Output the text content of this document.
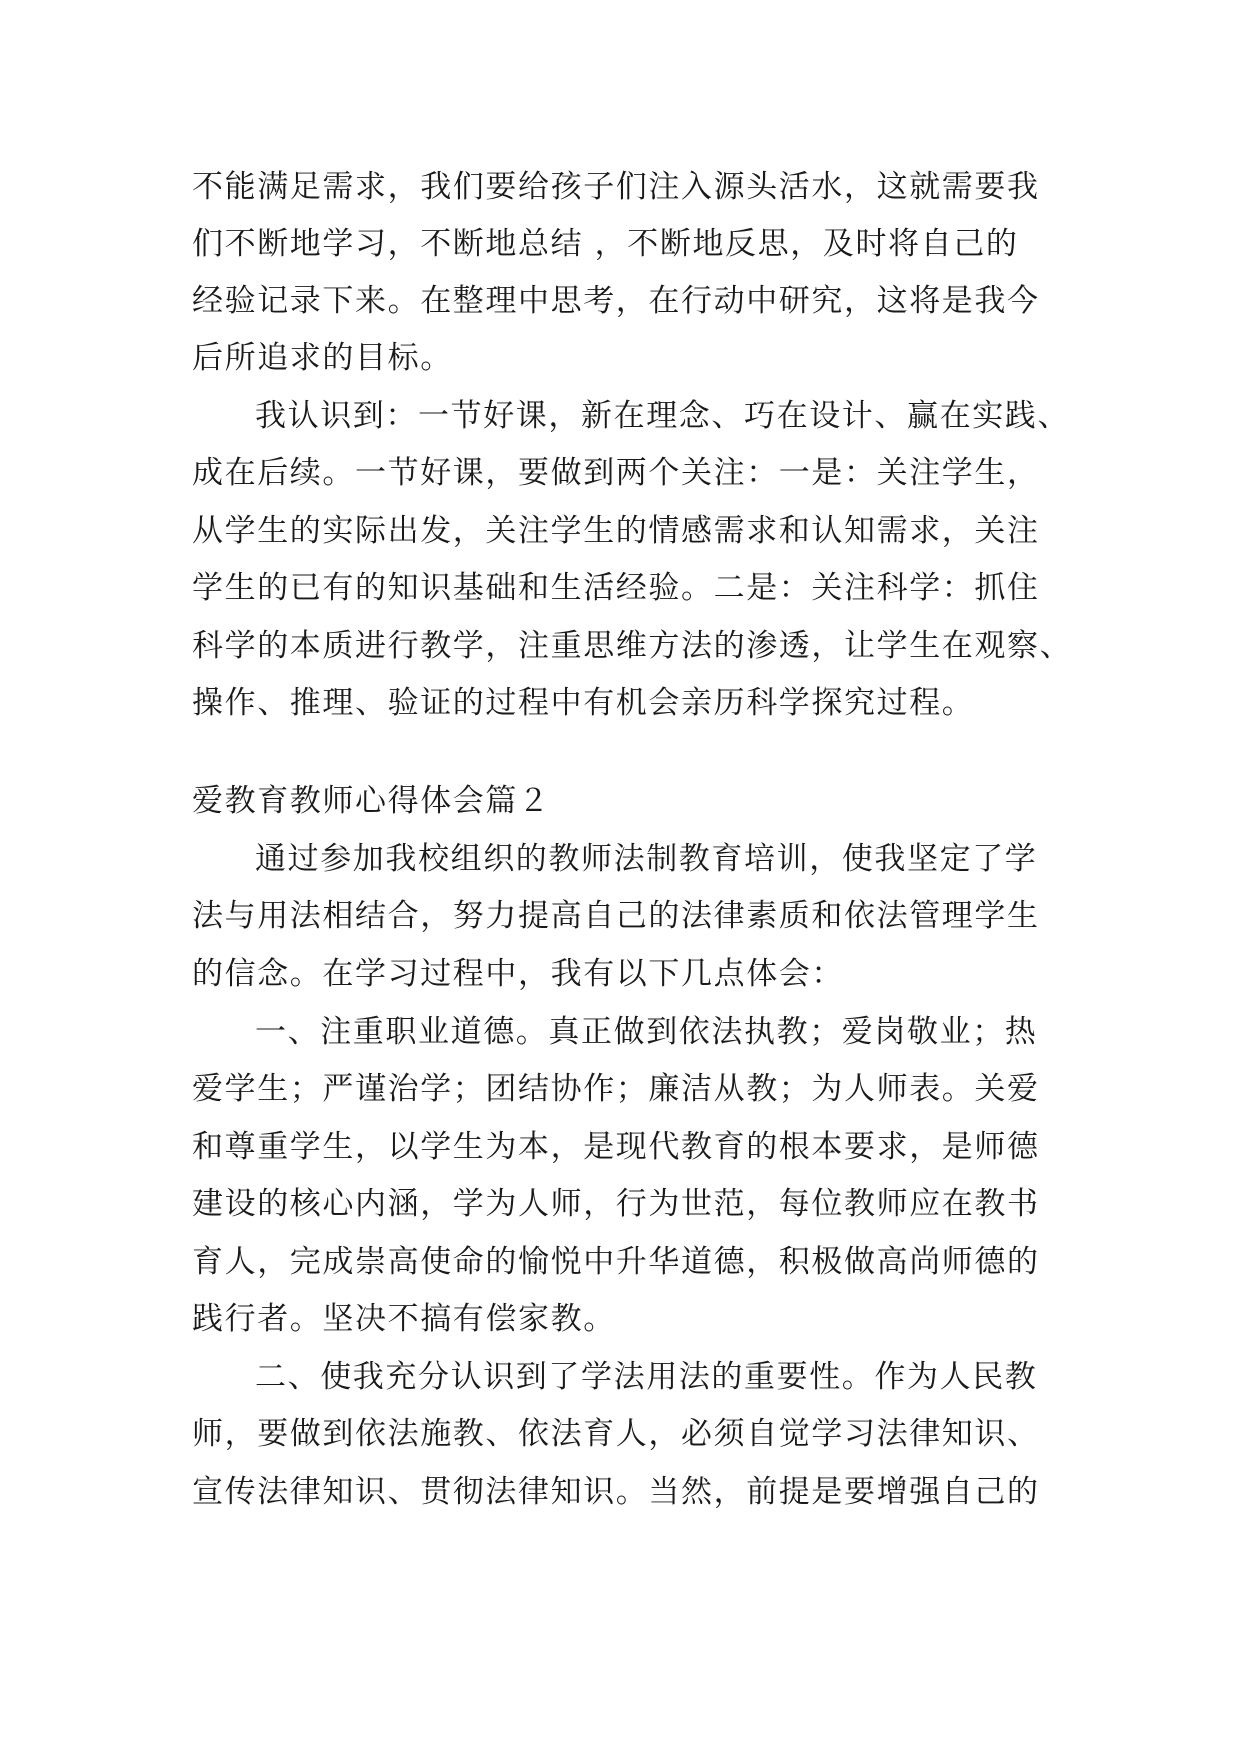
不能满足需求，我们要给孩子们注入源头活水，这就需要我
们不断地学习，不断地总结 ，不断地反思，及时将自己的
经验记录下来。在整理中思考，在行动中研究，这将是我今
后所追求的目标。
我认识到：一节好课，新在理念、巧在设计、赢在实践、
成在后续。一节好课，要做到两个关注：一是：关注学生，
从学生的实际出发，关注学生的情感需求和认知需求，关注
学生的已有的知识基础和生活经验。二是：关注科学：抓住
科学的本质进行教学，注重思维方法的渗透，让学生在观察、
操作、推理、验证的过程中有机会亲历科学探究过程。
爱教育教师心得体会篇２
通过参加我校组织的教师法制教育培训，使我坚定了学
法与用法相结合，努力提高自己的法律素质和依法管理学生
的信念。在学习过程中，我有以下几点体会：
一、注重职业道德。真正做到依法执教；爱岗敬业；热
爱学生；严谨治学；团结协作；廉洁从教；为人师表。关爱
和尊重学生，以学生为本，是现代教育的根本要求，是师德
建设的核心内涵，学为人师，行为世范，每位教师应在教书
育人，完成崇高使命的愉悦中升华道德，积极做高尚师德的
践行者。坚决不搞有偿家教。
二、使我充分认识到了学法用法的重要性。作为人民教
师，要做到依法施教、依法育人，必须自觉学习法律知识、
宣传法律知识、贯彻法律知识。当然，前提是要增强自己的
